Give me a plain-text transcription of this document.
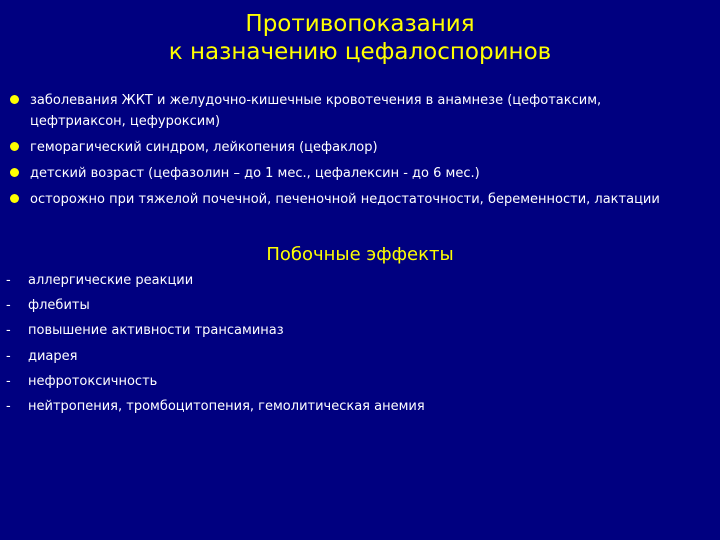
Противопоказания
к назначению цефалоспоринов
заболевания ЖКТ и желудочно-кишечные кровотечения в анамнезе (цефотаксим, цефтриаксон, цефуроксим)
геморагический синдром, лейкопения (цефаклор)
детский возраст (цефазолин – до 1 мес., цефалексин - до 6 мес.)
осторожно при тяжелой почечной, печеночной недостаточности, беременности, лактации
Побочные эффекты
- аллергические реакции
- флебиты
- повышение активности трансаминаз
- диарея
- нефротоксичность
- нейтропения, тромбоцитопения, гемолитическая анемия
